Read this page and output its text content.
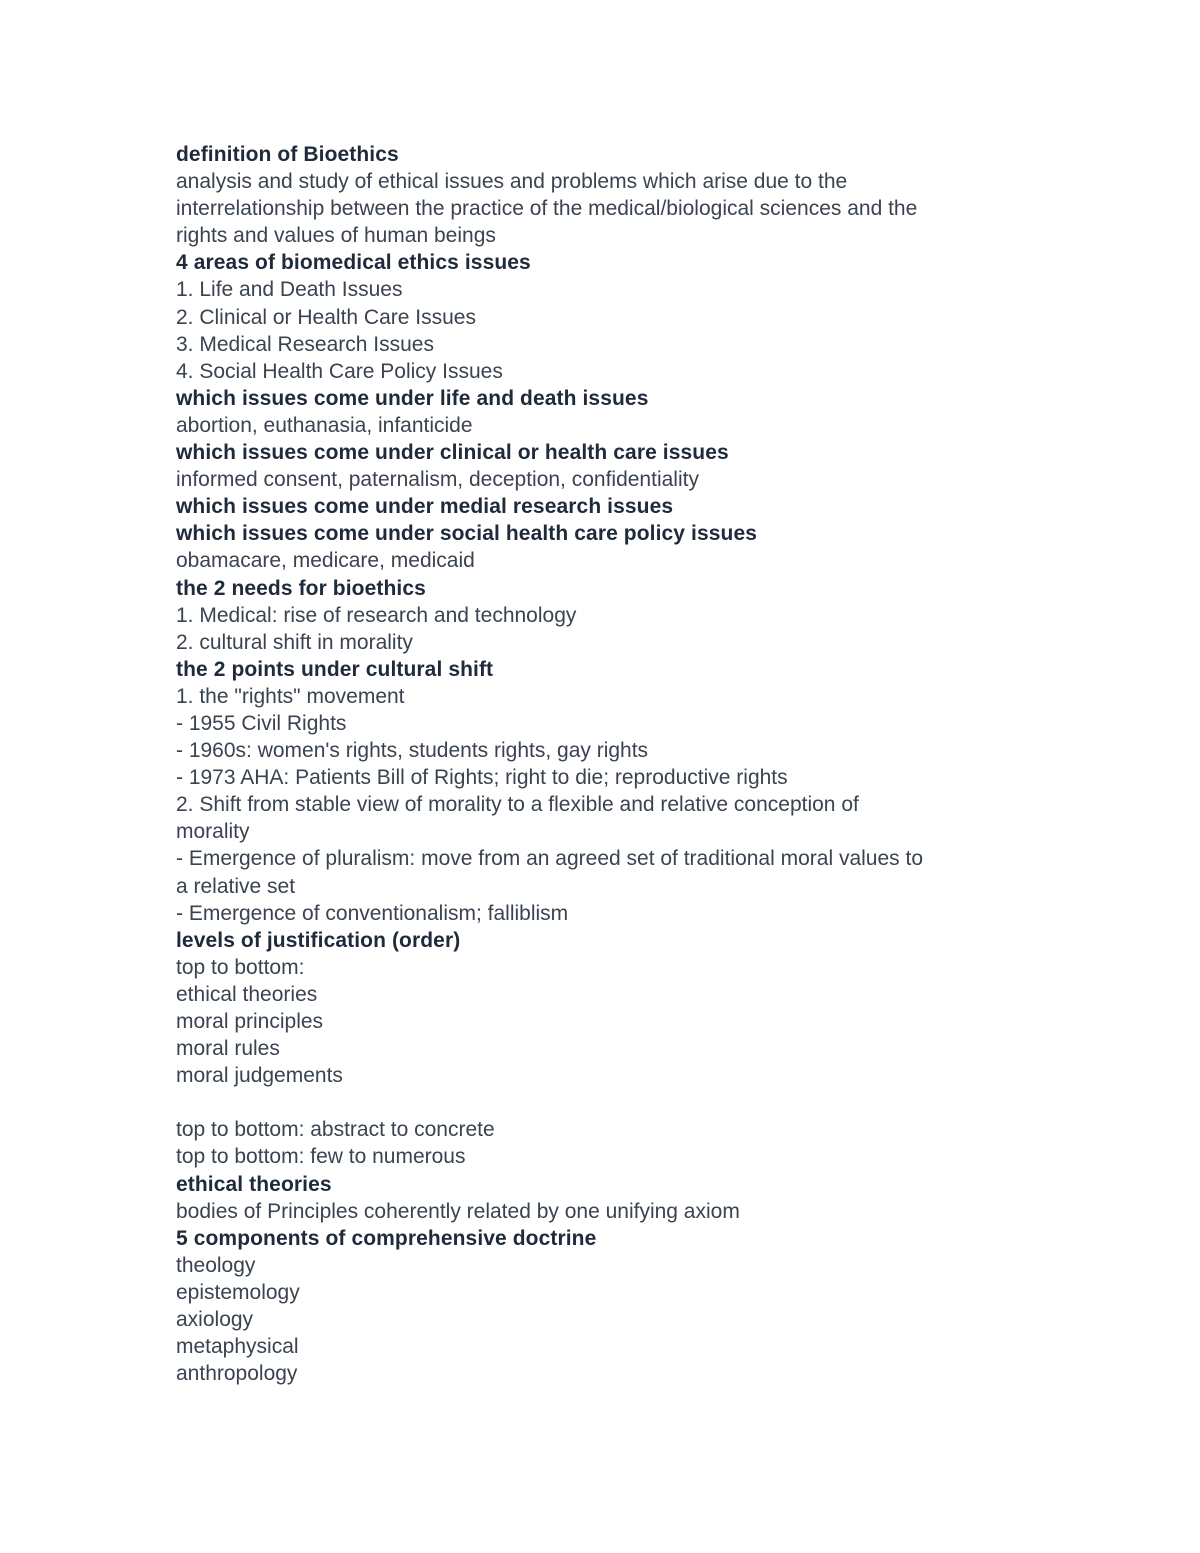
definition of Bioethics
analysis and study of ethical issues and problems which arise due to the
interrelationship between the practice of the medical/biological sciences and the
rights and values of human beings
4 areas of biomedical ethics issues
1. Life and Death Issues
2. Clinical or Health Care Issues
3. Medical Research Issues
4. Social Health Care Policy Issues
which issues come under life and death issues
abortion, euthanasia, infanticide
which issues come under clinical or health care issues
informed consent, paternalism, deception, confidentiality
which issues come under medial research issues
which issues come under social health care policy issues
obamacare, medicare, medicaid
the 2 needs for bioethics
1. Medical: rise of research and technology
2. cultural shift in morality
the 2 points under cultural shift
1. the "rights" movement
- 1955 Civil Rights
- 1960s: women's rights, students rights, gay rights
- 1973 AHA: Patients Bill of Rights; right to die; reproductive rights
2. Shift from stable view of morality to a flexible and relative conception of
morality
- Emergence of pluralism: move from an agreed set of traditional moral values to
a relative set
- Emergence of conventionalism; falliblism
levels of justification (order)
top to bottom:
ethical theories
moral principles
moral rules
moral judgements
top to bottom: abstract to concrete
top to bottom: few to numerous
ethical theories
bodies of Principles coherently related by one unifying axiom
5 components of comprehensive doctrine
theology
epistemology
axiology
metaphysical
anthropology
